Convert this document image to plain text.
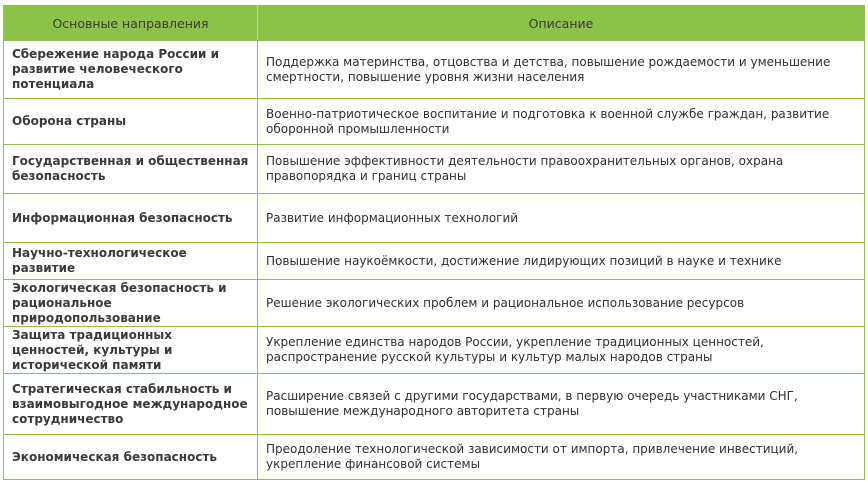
Основные направления	Описание
Сбережение народа России и развитие человеческого потенциала	Поддержка материнства, отцовства и детства, повышение рождаемости и уменьшение смертности, повышение уровня жизни населения
Оборона страны	Военно-патриотическое воспитание и подготовка к военной службе граждан, развитие оборонной промышленности
Государственная и общественная безопасность	Повышение эффективности деятельности правоохранительных органов, охрана правопорядка и границ страны
Информационная безопасность	Развитие информационных технологий
Научно-технологическое развитие	Повышение наукоёмкости, достижение лидирующих позиций в науке и технике
Экологическая безопасность и рациональное природопользование	Решение экологических проблем и рациональное использование ресурсов
Защита традиционных ценностей, культуры и исторической памяти	Укрепление единства народов России, укрепление традиционных ценностей, распространение русской культуры и культур малых народов страны
Стратегическая стабильность и взаимовыгодное международное сотрудничество	Расширение связей с другими государствами, в первую очередь участниками СНГ, повышение международного авторитета страны
Экономическая безопасность	Преодоление технологической зависимости от импорта, привлечение инвестиций, укрепление финансовой системы
